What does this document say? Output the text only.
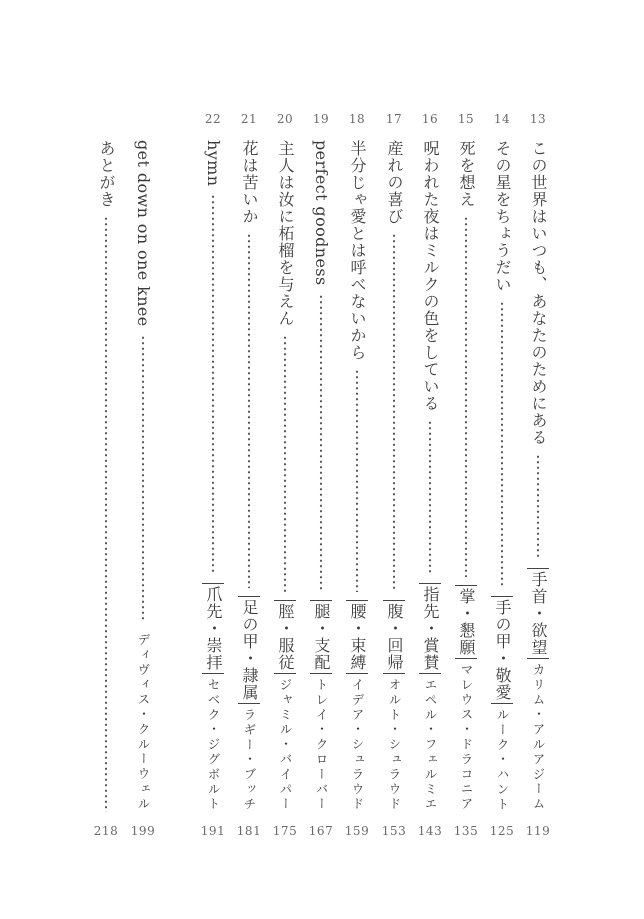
13
この世界はいつも、あなたのためにある
手首・欲望
カリム・アルアジーム
119
14
その星をちょうだい
手の甲・敬愛
ルーク・ハント
125
15
死を想え
掌・懇願
マレウス・ドラコニア
135
16
呪われた夜はミルクの色をしている
指先・賞賛
エペル・フェルミエ
143
17
産れの喜び
腹・回帰
オルト・シュラウド
153
18
半分じゃ愛とは呼べないから
腰・束縛
イデア・シュラウド
159
19
perfect goodness
腿・支配
トレイ・クローバー
167
20
主人は汝に柘榴を与えん
脛・服従
ジャミル・バイパー
175
21
花は苦いか
足の甲・隷属
ラギー・ブッチ
181
22
hymn
爪先・崇拝
セベク・ジグボルト
191
get down on one knee
ディヴィス・クルーウェル
199
あとがき
218
